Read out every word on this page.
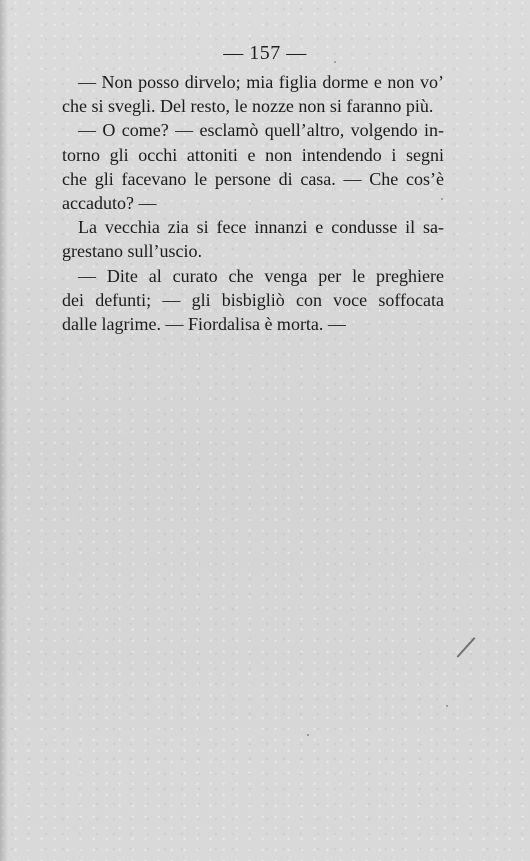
— 157 —
— Non posso dirvelo; mia figlia dorme e non vo’
che si svegli. Del resto, le nozze non si faranno più.
— O come? — esclamò quell’altro, volgendo in-
torno gli occhi attoniti e non intendendo i segni
che gli facevano le persone di casa. — Che cos’è
accaduto? —
La vecchia zia si fece innanzi e condusse il sa-
grestano sull’uscio.
— Dite al curato che venga per le preghiere
dei defunti; — gli bisbigliò con voce soffocata
dalle lagrime. — Fiordalisa è morta. —
